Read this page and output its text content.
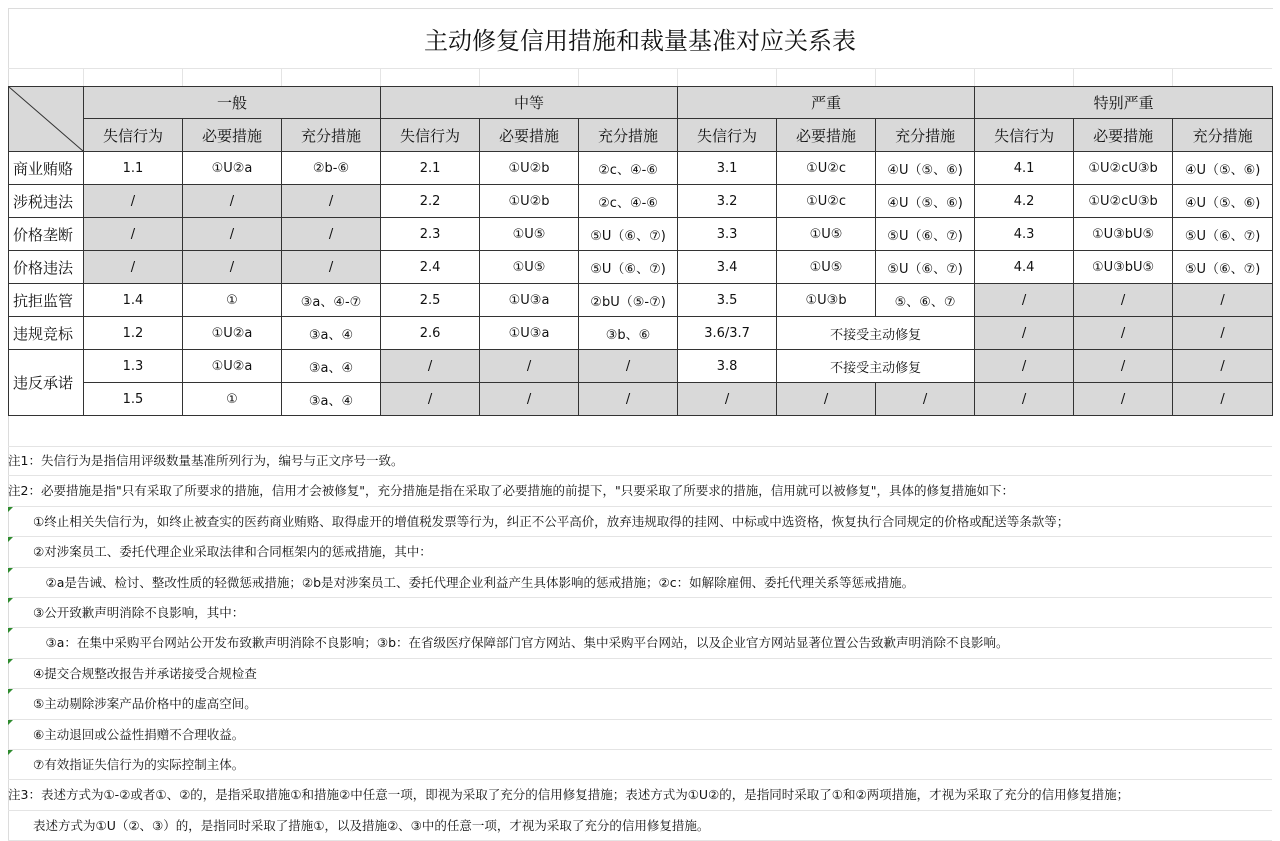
主动修复信用措施和裁量基准对应关系表
	一般			中等			严重			特别严重		
	失信行为	必要措施	充分措施	失信行为	必要措施	充分措施	失信行为	必要措施	充分措施	失信行为	必要措施	充分措施
商业贿赂	1.1	①U②a	②b-⑥	2.1	①U②b	②c、④-⑥	3.1	①U②c	④U（⑤、⑥)	4.1	①U②cU③b	④U（⑤、⑥)
涉税违法	/	/	/	2.2	①U②b	②c、④-⑥	3.2	①U②c	④U（⑤、⑥)	4.2	①U②cU③b	④U（⑤、⑥)
价格垄断	/	/	/	2.3	①U⑤	⑤U（⑥、⑦)	3.3	①U⑤	⑤U（⑥、⑦)	4.3	①U③bU⑤	⑤U（⑥、⑦)
价格违法	/	/	/	2.4	①U⑤	⑤U（⑥、⑦)	3.4	①U⑤	⑤U（⑥、⑦)	4.4	①U③bU⑤	⑤U（⑥、⑦)
抗拒监管	1.4	①	③a、④-⑦	2.5	①U③a	②bU（⑤-⑦)	3.5	①U③b	⑤、⑥、⑦	/	/	/
违规竞标	1.2	①U②a	③a、④	2.6	①U③a	③b、⑥	3.6/3.7	不接受主动修复		/	/	/
违反承诺	1.3	①U②a	③a、④	/	/	/	3.8	不接受主动修复		/	/	/
	1.5	①	③a、④	/	/	/	/	/	/	/	/	/
注1：失信行为是指信用评级数量基准所列行为，编号与正文序号一致。
注2：必要措施是指"只有采取了所要求的措施，信用才会被修复"，充分措施是指在采取了必要措施的前提下，"只要采取了所要求的措施，信用就可以被修复"，具体的修复措施如下：
　　①终止相关失信行为，如终止被查实的医药商业贿赂、取得虚开的增值税发票等行为，纠正不公平高价，放弃违规取得的挂网、中标或中选资格，恢复执行合同规定的价格或配送等条款等；
　　②对涉案员工、委托代理企业采取法律和合同框架内的惩戒措施，其中：
　　　②a是告诫、检讨、整改性质的轻微惩戒措施；②b是对涉案员工、委托代理企业利益产生具体影响的惩戒措施；②c：如解除雇佣、委托代理关系等惩戒措施。
　　③公开致歉声明消除不良影响，其中：
　　　③a：在集中采购平台网站公开发布致歉声明消除不良影响；③b：在省级医疗保障部门官方网站、集中采购平台网站，以及企业官方网站显著位置公告致歉声明消除不良影响。
　　④提交合规整改报告并承诺接受合规检查
　　⑤主动剔除涉案产品价格中的虚高空间。
　　⑥主动退回或公益性捐赠不合理收益。
　　⑦有效指证失信行为的实际控制主体。
注3：表述方式为①-②或者①、②的，是指采取措施①和措施②中任意一项，即视为采取了充分的信用修复措施；表述方式为①U②的，是指同时采取了①和②两项措施，才视为采取了充分的信用修复措施；
　　表述方式为①U（②、③）的，是指同时采取了措施①，以及措施②、③中的任意一项，才视为采取了充分的信用修复措施。
